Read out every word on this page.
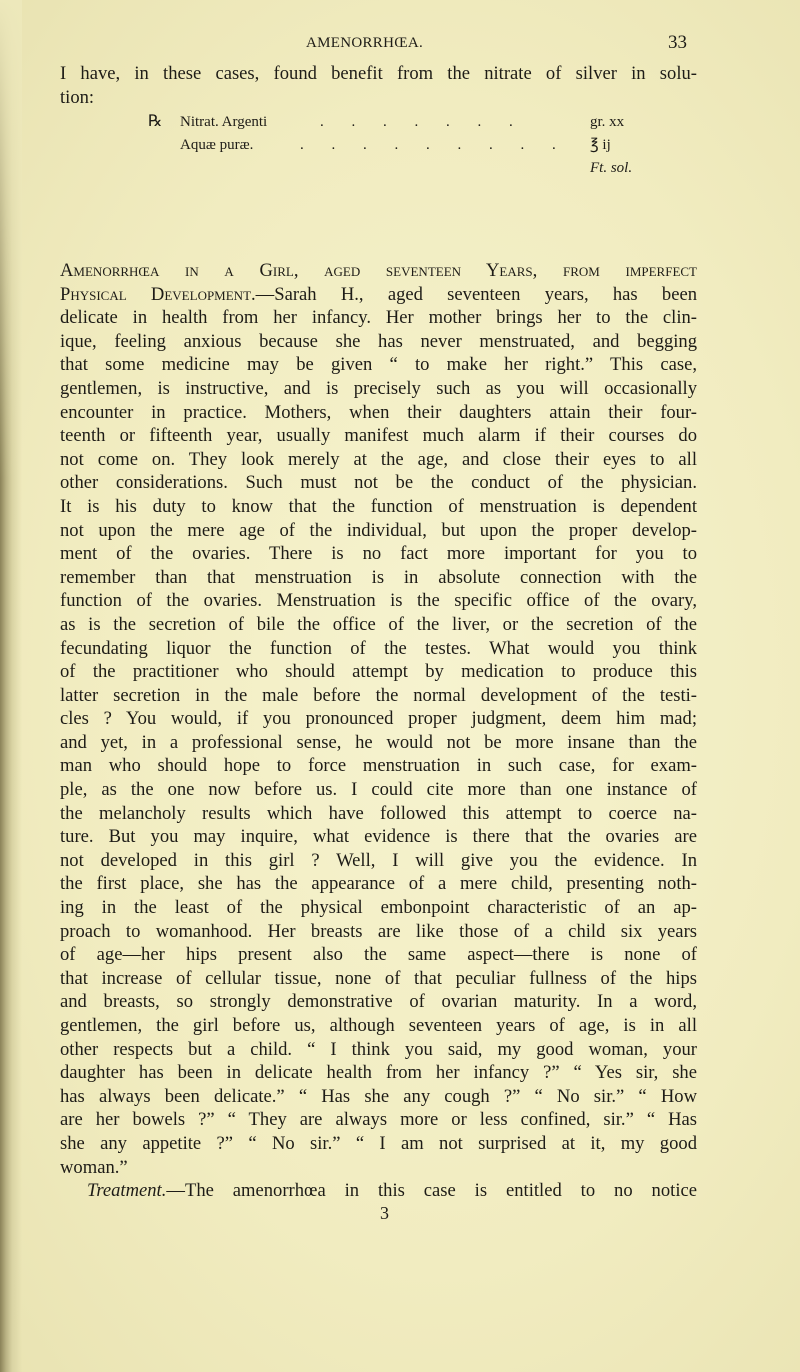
AMENORRHŒA.	33
I have, in these cases, found benefit from the nitrate of silver in solu-
tion:
℞ Nitrat. Argenti	. . . . . . .	gr. xx
Aquæ puræ.	. . . . . . . . . ℥ ij
Ft. sol.
Amenorrhœa in a Girl, aged seventeen Years, from imperfect
Physical Development.—Sarah H., aged seventeen years, has been
delicate in health from her infancy. Her mother brings her to the clin-
ique, feeling anxious because she has never menstruated, and begging
that some medicine may be given “ to make her right.” This case,
gentlemen, is instructive, and is precisely such as you will occasionally
encounter in practice. Mothers, when their daughters attain their four-
teenth or fifteenth year, usually manifest much alarm if their courses do
not come on. They look merely at the age, and close their eyes to all
other considerations. Such must not be the conduct of the physician.
It is his duty to know that the function of menstruation is dependent
not upon the mere age of the individual, but upon the proper develop-
ment of the ovaries. There is no fact more important for you to
remember than that menstruation is in absolute connection with the
function of the ovaries. Menstruation is the specific office of the ovary,
as is the secretion of bile the office of the liver, or the secretion of the
fecundating liquor the function of the testes. What would you think
of the practitioner who should attempt by medication to produce this
latter secretion in the male before the normal development of the testi-
cles ? You would, if you pronounced proper judgment, deem him mad;
and yet, in a professional sense, he would not be more insane than the
man who should hope to force menstruation in such case, for exam-
ple, as the one now before us. I could cite more than one instance of
the melancholy results which have followed this attempt to coerce na-
ture. But you may inquire, what evidence is there that the ovaries are
not developed in this girl ? Well, I will give you the evidence. In
the first place, she has the appearance of a mere child, presenting noth-
ing in the least of the physical embonpoint characteristic of an ap-
proach to womanhood. Her breasts are like those of a child six years
of age—her hips present also the same aspect—there is none of
that increase of cellular tissue, none of that peculiar fullness of the hips
and breasts, so strongly demonstrative of ovarian maturity. In a word,
gentlemen, the girl before us, although seventeen years of age, is in all
other respects but a child. “ I think you said, my good woman, your
daughter has been in delicate health from her infancy ?” “ Yes sir, she
has always been delicate.” “ Has she any cough ?” “ No sir.” “ How
are her bowels ?” “ They are always more or less confined, sir.” “ Has
she any appetite ?” “ No sir.” “ I am not surprised at it, my good
woman.”
Treatment.—The amenorrhœa in this case is entitled to no notice
3
